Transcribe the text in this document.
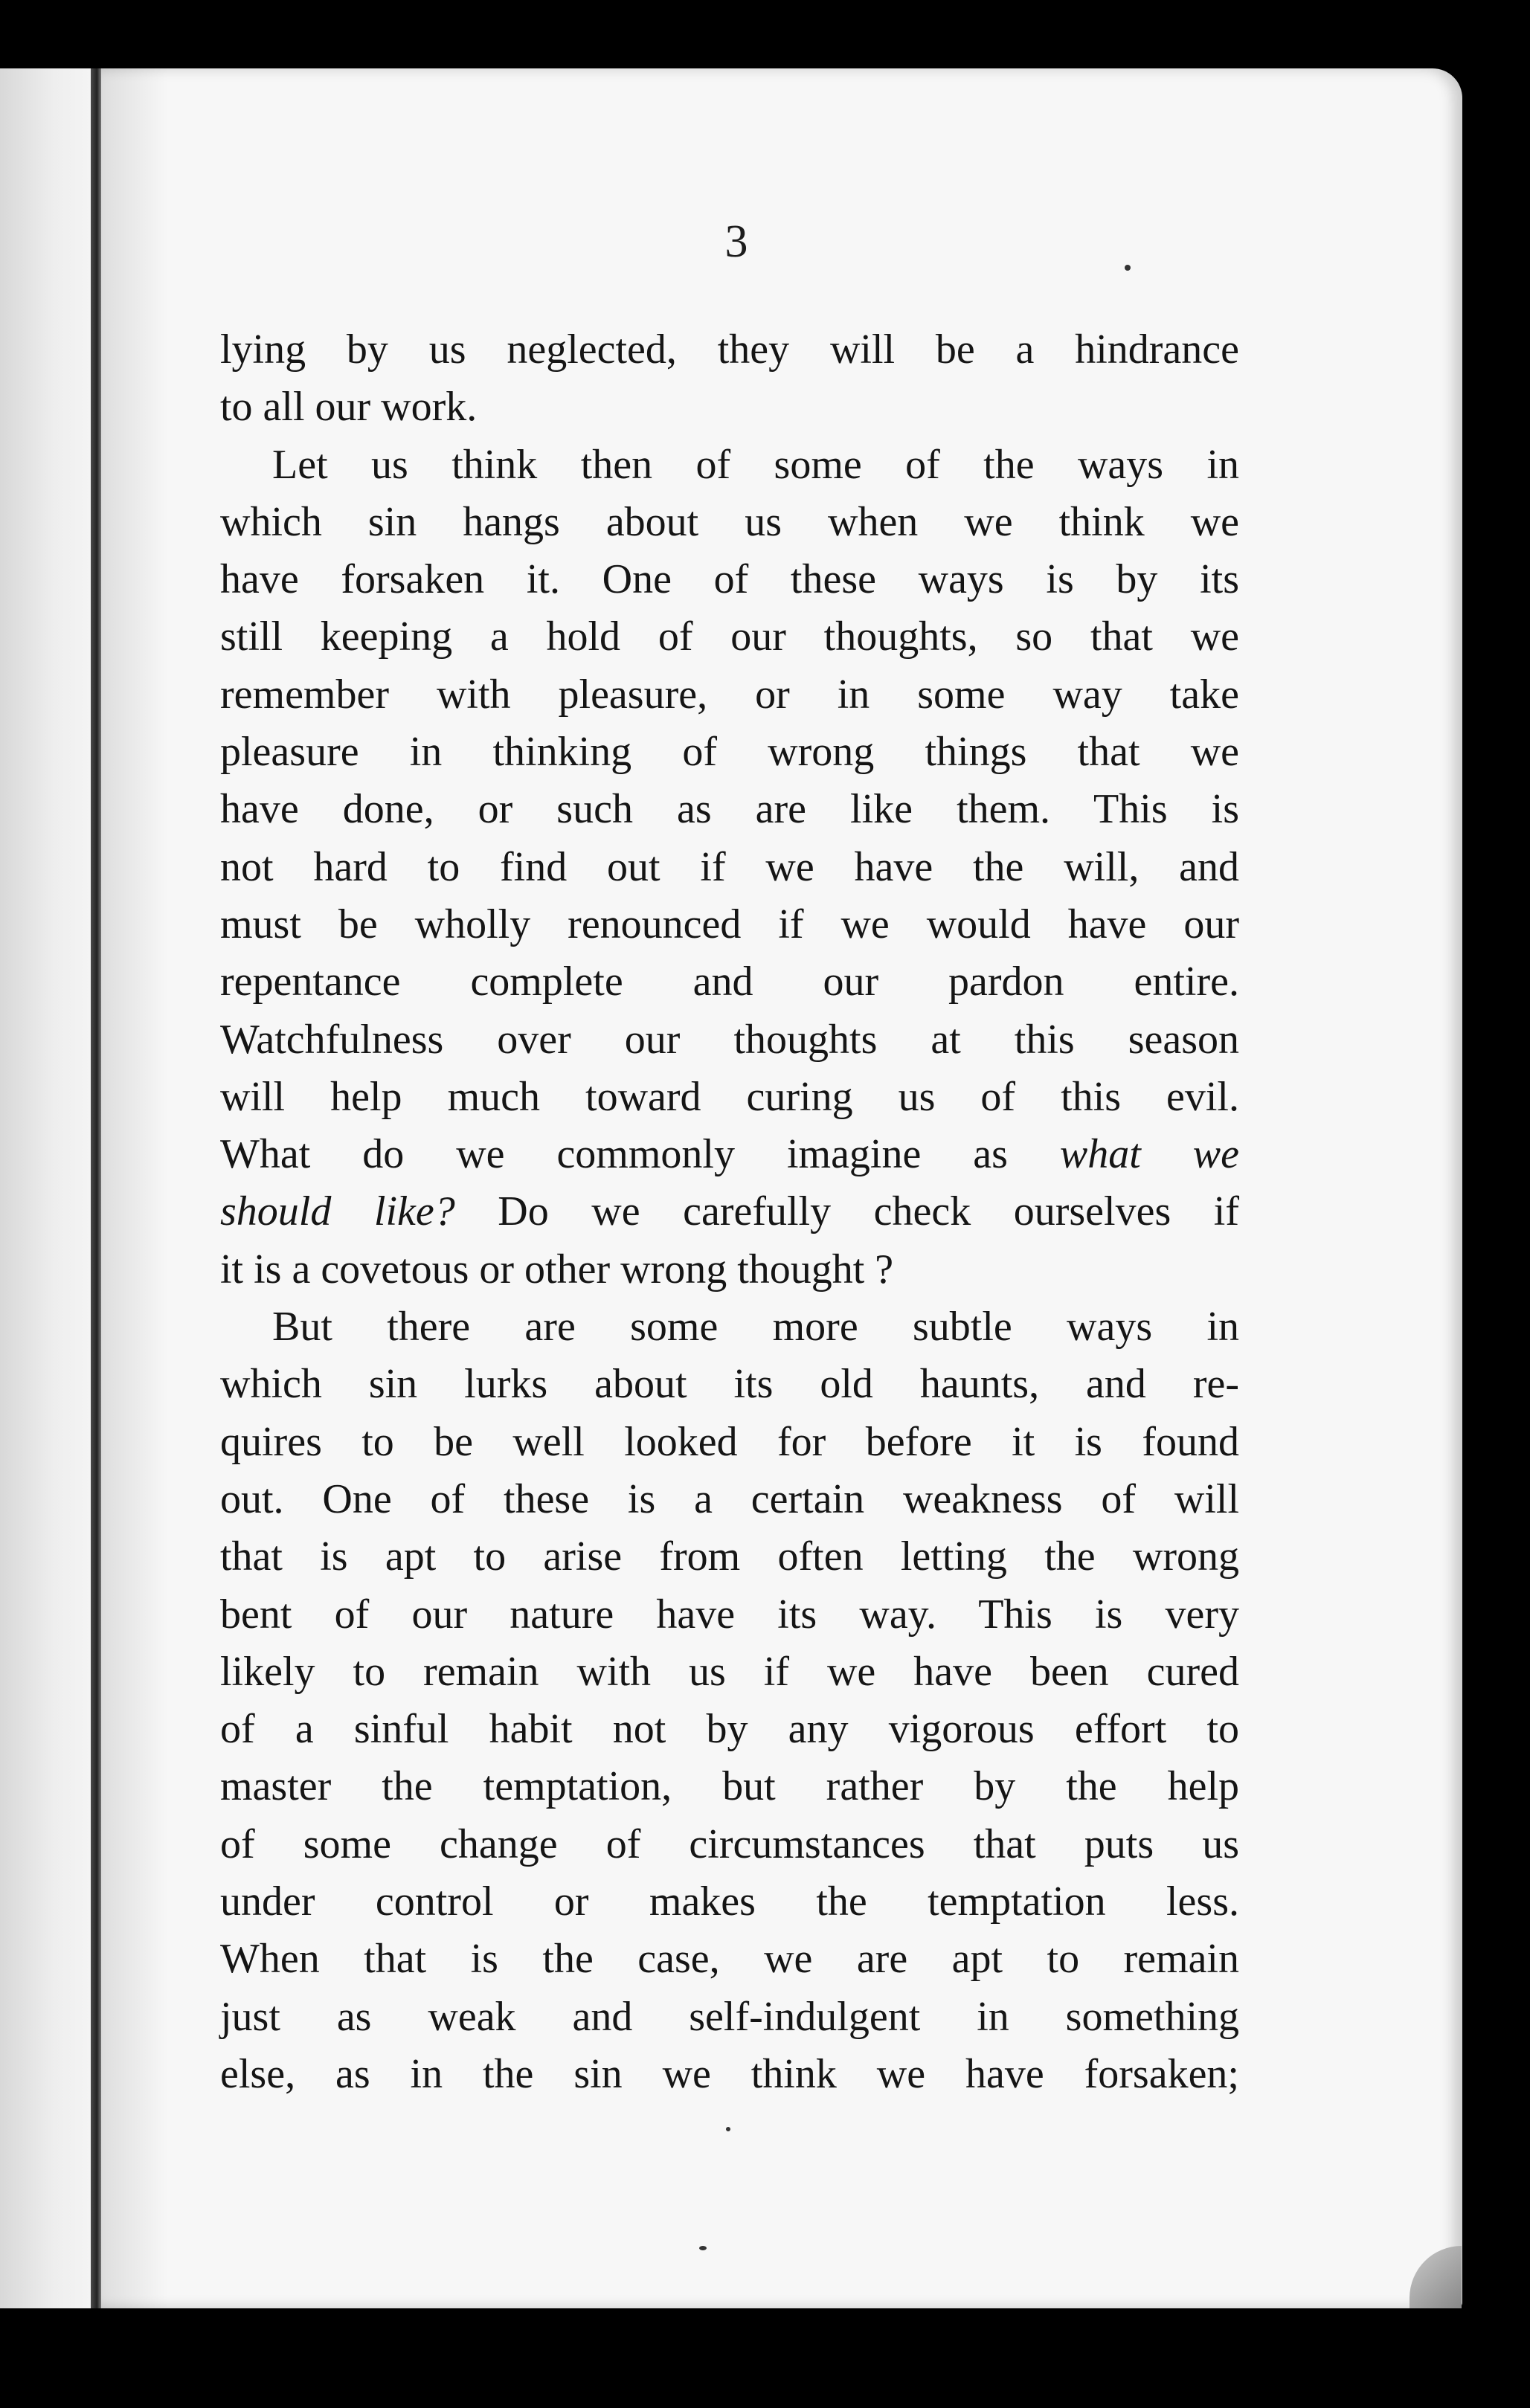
3
lying by us neglected, they will be a hindrance
to all our work.
Let us think then of some of the ways in
which sin hangs about us when we think we
have forsaken it. One of these ways is by its
still keeping a hold of our thoughts, so that we
remember with pleasure, or in some way take
pleasure in thinking of wrong things that we
have done, or such as are like them. This is
not hard to find out if we have the will, and
must be wholly renounced if we would have our
repentance complete and our pardon entire.
Watchfulness over our thoughts at this season
will help much toward curing us of this evil.
What do we commonly imagine as what we
should like? Do we carefully check ourselves if
it is a covetous or other wrong thought ?
But there are some more subtle ways in
which sin lurks about its old haunts, and re-
quires to be well looked for before it is found
out. One of these is a certain weakness of will
that is apt to arise from often letting the wrong
bent of our nature have its way. This is very
likely to remain with us if we have been cured
of a sinful habit not by any vigorous effort to
master the temptation, but rather by the help
of some change of circumstances that puts us
under control or makes the temptation less.
When that is the case, we are apt to remain
just as weak and self-indulgent in something
else, as in the sin we think we have forsaken;
